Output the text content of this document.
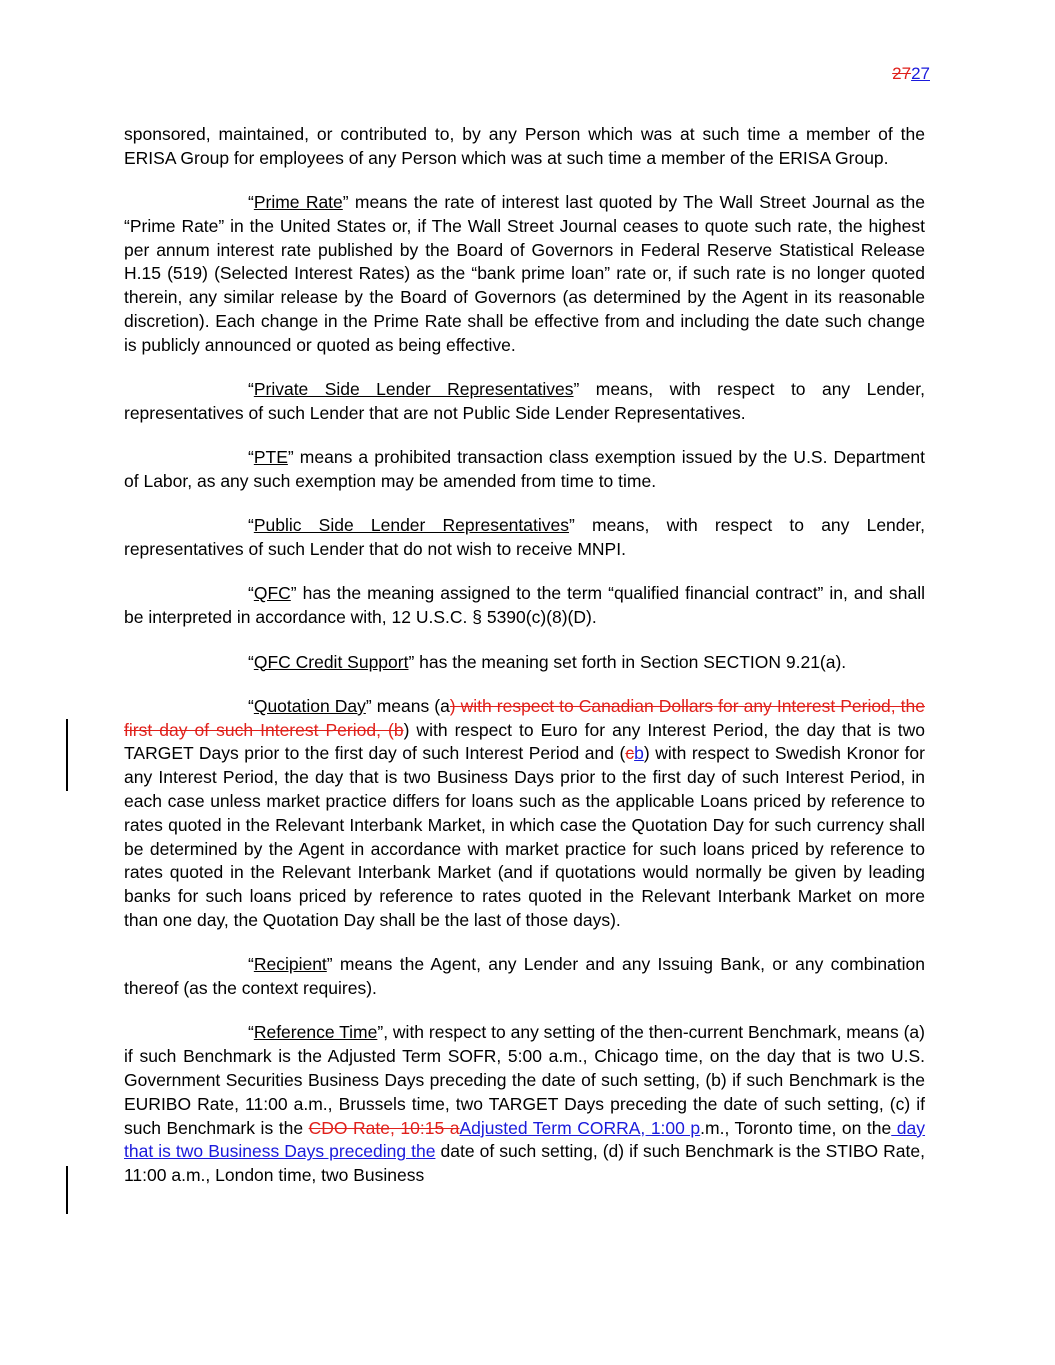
2727

sponsored, maintained, or contributed to, by any Person which was at such time a member of the ERISA Group for employees of any Person which was at such time a member of the ERISA Group.

“Prime Rate” means the rate of interest last quoted by The Wall Street Journal as the “Prime Rate” in the United States or, if The Wall Street Journal ceases to quote such rate, the highest per annum interest rate published by the Board of Governors in Federal Reserve Statistical Release H.15 (519) (Selected Interest Rates) as the “bank prime loan” rate or, if such rate is no longer quoted therein, any similar release by the Board of Governors (as determined by the Agent in its reasonable discretion). Each change in the Prime Rate shall be effective from and including the date such change is publicly announced or quoted as being effective.

“Private Side Lender Representatives” means, with respect to any Lender, representatives of such Lender that are not Public Side Lender Representatives.

“PTE” means a prohibited transaction class exemption issued by the U.S. Department of Labor, as any such exemption may be amended from time to time.

“Public Side Lender Representatives” means, with respect to any Lender, representatives of such Lender that do not wish to receive MNPI.

“QFC” has the meaning assigned to the term “qualified financial contract” in, and shall be interpreted in accordance with, 12 U.S.C. § 5390(c)(8)(D).

“QFC Credit Support” has the meaning set forth in Section SECTION 9.21(a).

“Quotation Day” means (a) with respect to Canadian Dollars for any Interest Period, the first day of such Interest Period, (b) with respect to Euro for any Interest Period, the day that is two TARGET Days prior to the first day of such Interest Period and (cb) with respect to Swedish Kronor for any Interest Period, the day that is two Business Days prior to the first day of such Interest Period, in each case unless market practice differs for loans such as the applicable Loans priced by reference to rates quoted in the Relevant Interbank Market, in which case the Quotation Day for such currency shall be determined by the Agent in accordance with market practice for such loans priced by reference to rates quoted in the Relevant Interbank Market (and if quotations would normally be given by leading banks for such loans priced by reference to rates quoted in the Relevant Interbank Market on more than one day, the Quotation Day shall be the last of those days).

“Recipient” means the Agent, any Lender and any Issuing Bank, or any combination thereof (as the context requires).

“Reference Time”, with respect to any setting of the then-current Benchmark, means (a) if such Benchmark is the Adjusted Term SOFR, 5:00 a.m., Chicago time, on the day that is two U.S. Government Securities Business Days preceding the date of such setting, (b) if such Benchmark is the EURIBO Rate, 11:00 a.m., Brussels time, two TARGET Days preceding the date of such setting, (c) if such Benchmark is the CDO Rate, 10:15 aAdjusted Term CORRA, 1:00 p.m., Toronto time, on the day that is two Business Days preceding the date of such setting, (d) if such Benchmark is the STIBO Rate, 11:00 a.m., London time, two Business
